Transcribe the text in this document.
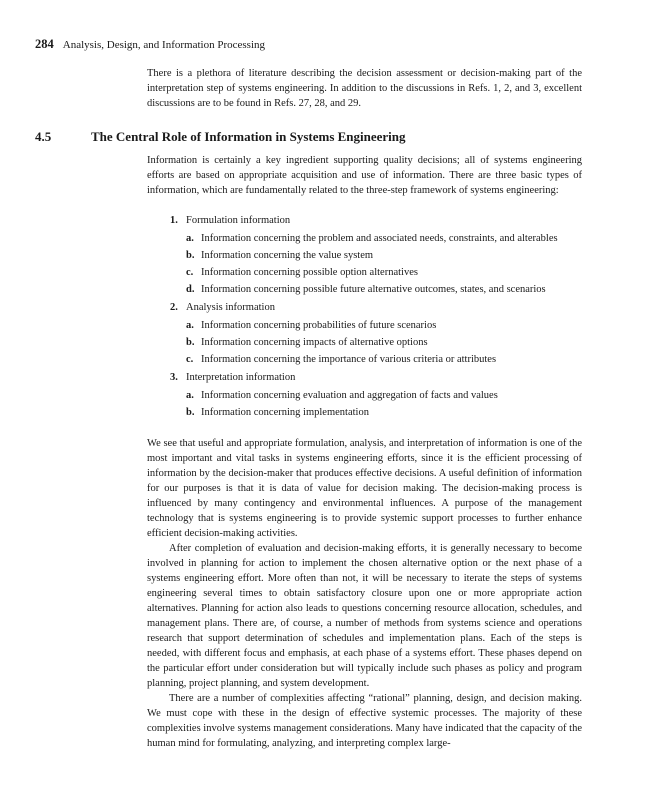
284 Analysis, Design, and Information Processing

There is a plethora of literature describing the decision assessment or decision-making part of the interpretation step of systems engineering. In addition to the discussions in Refs. 1, 2, and 3, excellent discussions are to be found in Refs. 27, 28, and 29.

4.5	The Central Role of Information in Systems Engineering

Information is certainly a key ingredient supporting quality decisions; all of systems engineering efforts are based on appropriate acquisition and use of information. There are three basic types of information, which are fundamentally related to the three-step framework of systems engineering:

1. Formulation information
a. Information concerning the problem and associated needs, constraints, and alterables
b. Information concerning the value system
c. Information concerning possible option alternatives
d. Information concerning possible future alternative outcomes, states, and scenarios
2. Analysis information
a. Information concerning probabilities of future scenarios
b. Information concerning impacts of alternative options
c. Information concerning the importance of various criteria or attributes
3. Interpretation information
a. Information concerning evaluation and aggregation of facts and values
b. Information concerning implementation

We see that useful and appropriate formulation, analysis, and interpretation of information is one of the most important and vital tasks in systems engineering efforts, since it is the efficient processing of information by the decision-maker that produces effective decisions. A useful definition of information for our purposes is that it is data of value for decision making. The decision-making process is influenced by many contingency and environmental influences. A purpose of the management technology that is systems engineering is to provide systemic support processes to further enhance efficient decision-making activities.

After completion of evaluation and decision-making efforts, it is generally necessary to become involved in planning for action to implement the chosen alternative option or the next phase of a systems engineering effort. More often than not, it will be necessary to iterate the steps of systems engineering several times to obtain satisfactory closure upon one or more appropriate action alternatives. Planning for action also leads to questions concerning resource allocation, schedules, and management plans. There are, of course, a number of methods from systems science and operations research that support determination of schedules and implementation plans. Each of the steps is needed, with different focus and emphasis, at each phase of a systems effort. These phases depend on the particular effort under consideration but will typically include such phases as policy and program planning, project planning, and system development.

There are a number of complexities affecting “rational” planning, design, and decision making. We must cope with these in the design of effective systemic processes. The majority of these complexities involve systems management considerations. Many have indicated that the capacity of the human mind for formulating, analyzing, and interpreting complex large-
